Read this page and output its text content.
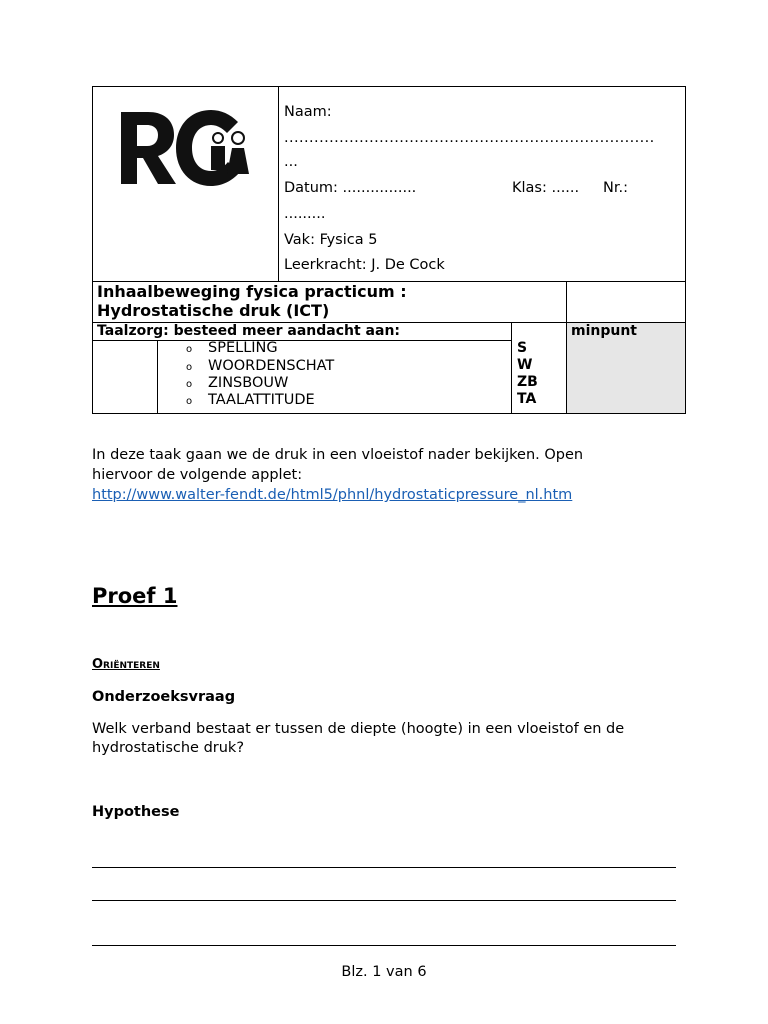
Naam:
..........................................................................
...
Datum: ................	Klas: ...... Nr.:
.........
Vak: Fysica 5
Leerkracht: J. De Cock
Inhaalbeweging fysica practicum :
Hydrostatische druk (ICT)
Taalzorg: besteed meer aandacht aan:	minpunt
o SPELLING
o WOORDENSCHAT
o ZINSBOUW
o TAALATTITUDE
S
W
ZB
TA
In deze taak gaan we de druk in een vloeistof nader bekijken. Open
hiervoor de volgende applet:
http://www.walter-fendt.de/html5/phnl/hydrostaticpressure_nl.htm
Proef 1
Oriënteren
Onderzoeksvraag
Welk verband bestaat er tussen de diepte (hoogte) in een vloeistof en de
hydrostatische druk?
Hypothese
Blz. 1 van 6
